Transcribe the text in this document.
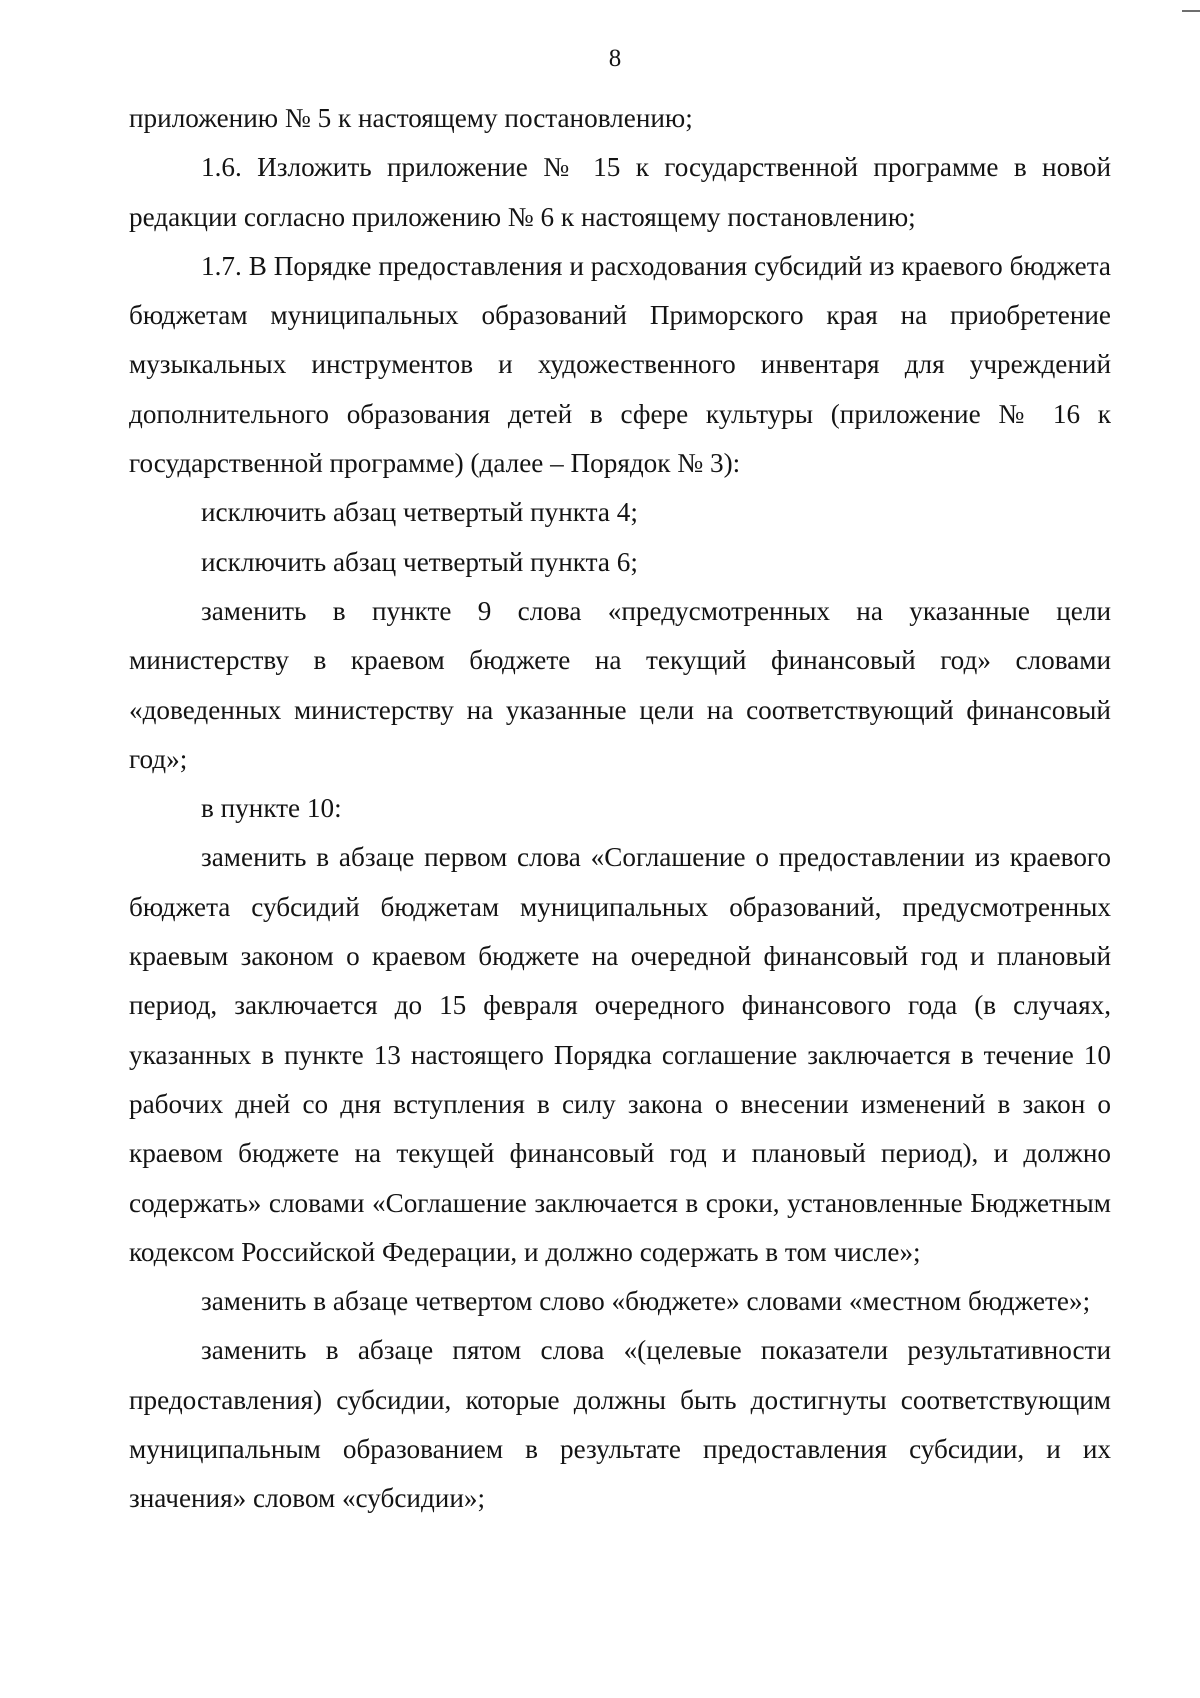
8

приложению № 5 к настоящему постановлению;

1.6. Изложить приложение № 15 к государственной программе в новой редакции согласно приложению № 6 к настоящему постановлению;

1.7. В Порядке предоставления и расходования субсидий из краевого бюджета бюджетам муниципальных образований Приморского края на приобретение музыкальных инструментов и художественного инвентаря для учреждений дополнительного образования детей в сфере культуры (приложение № 16 к государственной программе) (далее – Порядок № 3):

исключить абзац четвертый пункта 4;

исключить абзац четвертый пункта 6;

заменить в пункте 9 слова «предусмотренных на указанные цели министерству в краевом бюджете на текущий финансовый год» словами «доведенных министерству на указанные цели на соответствующий финансовый год»;

в пункте 10:

заменить в абзаце первом слова «Соглашение о предоставлении из краевого бюджета субсидий бюджетам муниципальных образований, предусмотренных краевым законом о краевом бюджете на очередной финансовый год и плановый период, заключается до 15 февраля очередного финансового года (в случаях, указанных в пункте 13 настоящего Порядка соглашение заключается в течение 10 рабочих дней со дня вступления в силу закона о внесении изменений в закон о краевом бюджете на текущей финансовый год и плановый период), и должно содержать» словами «Соглашение заключается в сроки, установленные Бюджетным кодексом Российской Федерации, и должно содержать в том числе»;

заменить в абзаце четвертом слово «бюджете» словами «местном бюджете»;

заменить в абзаце пятом слова «(целевые показатели результативности предоставления) субсидии, которые должны быть достигнуты соответствующим муниципальным образованием в результате предоставления субсидии, и их значения» словом «субсидии»;
